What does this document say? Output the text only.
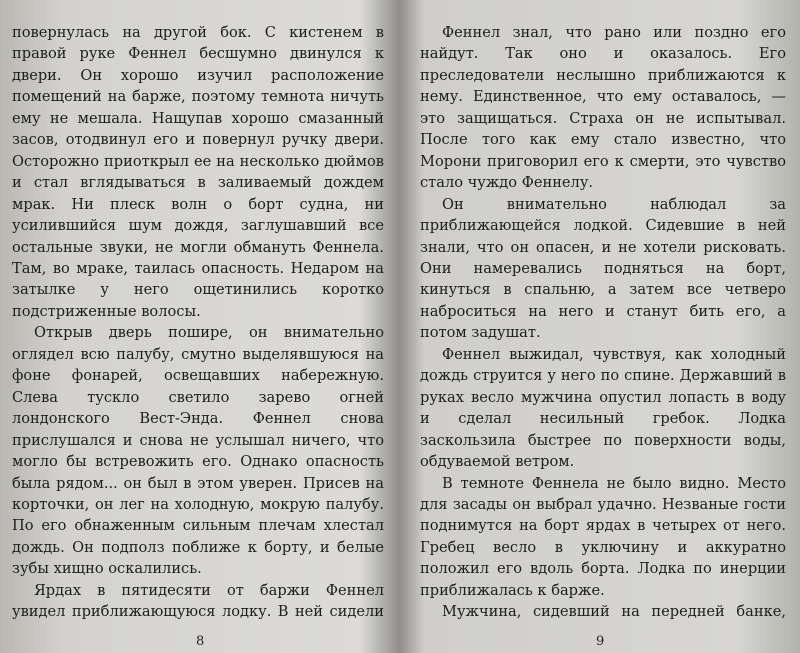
повернулась на другой бок. С кистенем в правой руке Феннел бесшумно двинулся к двери. Он хорошо изучил расположение помещений на барже, поэтому темнота ничуть ему не мешала. Нащупав хорошо смазанный засов, отодвинул его и повернул ручку двери. Осторожно приоткрыл ее на несколько дюймов и стал вглядываться в заливаемый дождем мрак. Ни плеск волн о борт судна, ни усилившийся шум дождя, заглушавший все остальные звуки, не могли обмануть Феннела. Там, во мраке, таилась опасность. Недаром на затылке у него ощетинились коротко подстриженные волосы.

Открыв дверь пошире, он внимательно оглядел всю палубу, смутно выделявшуюся на фоне фонарей, освещавших набережную. Слева тускло светило зарево огней лондонского Вест-Энда. Феннел снова прислушался и снова не услышал ничего, что могло бы встревожить его. Однако опасность была рядом... он был в этом уверен. Присев на корточки, он лег на холодную, мокрую палубу. По его обнаженным сильным плечам хлестал дождь. Он подполз поближе к борту, и белые зубы хищно оскалились.

Ярдах в пятидесяти от баржи Феннел увидел приближающуюся лодку. В ней сидели

8

Феннел знал, что рано или поздно его найдут. Так оно и оказалось. Его преследователи неслышно приближаются к нему. Единственное, что ему оставалось, — это защищаться. Страха он не испытывал. После того как ему стало известно, что Морони приговорил его к смерти, это чувство стало чуждо Феннелу.

Он внимательно наблюдал за приближающейся лодкой. Сидевшие в ней знали, что он опасен, и не хотели рисковать. Они намеревались подняться на борт, кинуться в спальню, а затем все четверо наброситься на него и станут бить его, а потом задушат.

Феннел выжидал, чувствуя, как холодный дождь струится у него по спине. Державший в руках весло мужчина опустил лопасть в воду и сделал несильный гребок. Лодка заскользила быстрее по поверхности воды, обдуваемой ветром.

В темноте Феннела не было видно. Место для засады он выбрал удачно. Незваные гости поднимутся на борт ярдах в четырех от него. Гребец весло в уключину и аккуратно положил его вдоль борта. Лодка по инерции приближалась к барже.

Мужчина, сидевший на передней банке,

9
